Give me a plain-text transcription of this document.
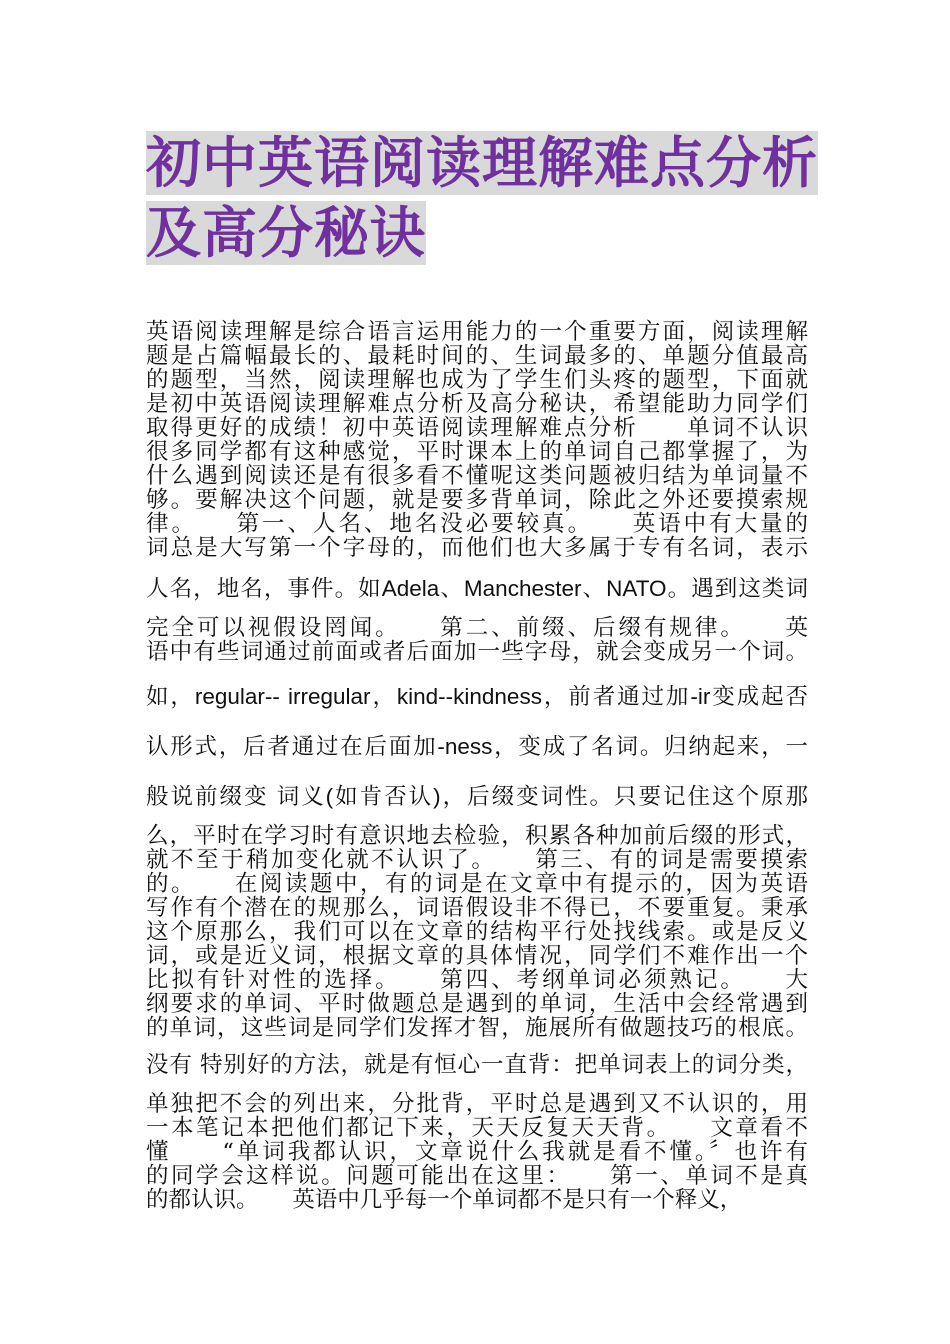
初中英语阅读理解难点分析及高分秘诀

英语阅读理解是综合语言运用能力的一个重要方面，阅读理解

题是占篇幅最长的、最耗时间的、生词最多的、单题分值最高

的题型，当然，阅读理解也成为了学生们头疼的题型，下面就

是初中英语阅读理解难点分析及高分秘诀，希望能助力同学们

取得更好的成绩！初中英语阅读理解难点分析　　单词不认识

很多同学都有这种感觉，平时课本上的单词自己都掌握了，为

什么遇到阅读还是有很多看不懂呢这类问题被归结为单词量不

够。要解决这个问题，就是要多背单词，除此之外还要摸索规

律。　　第一、人名、地名没必要较真。　　英语中有大量的

词总是大写第一个字母的，而他们也大多属于专有名词，表示

人名，地名，事件。如Adela、Manchester、NATO。遇到这类词

完全可以视假设罔闻。　　第二、前缀、后缀有规律。　　英

语中有些词通过前面或者后面加一些字母，就会变成另一个词。

如，regular-- irregular，kind--kindness，前者通过加-ir变成起否

认形式，后者通过在后面加-ness，变成了名词。归纳起来，一

般说前缀变 词义(如肯否认)，后缀变词性。只要记住这个原那

么，平时在学习时有意识地去检验，积累各种加前后缀的形式，

就不至于稍加变化就不认识了。　　第三、有的词是需要摸索

的。　　在阅读题中，有的词是在文章中有提示的，因为英语

写作有个潜在的规那么，词语假设非不得已，不要重复。秉承

这个原那么，我们可以在文章的结构平行处找线索。或是反义

词，或是近义词，根据文章的具体情况，同学们不难作出一个

比拟有针对性的选择。　　第四、考纲单词必须熟记。　　大

纲要求的单词、平时做题总是遇到的单词，生活中会经常遇到

的单词，这些词是同学们发挥才智，施展所有做题技巧的根底。

没有 特别好的方法，就是有恒心一直背：把单词表上的词分类，

单独把不会的列出来，分批背，平时总是遇到又不认识的，用

一本笔记本把他们都记下来，天天反复天天背。　　文章看不

懂　　“单词我都认识，文章说什么我就是看不懂。〞也许有

的同学会这样说。问题可能出在这里：　　第一、单词不是真

的都认识。　　英语中几乎每一个单词都不是只有一个释义，
